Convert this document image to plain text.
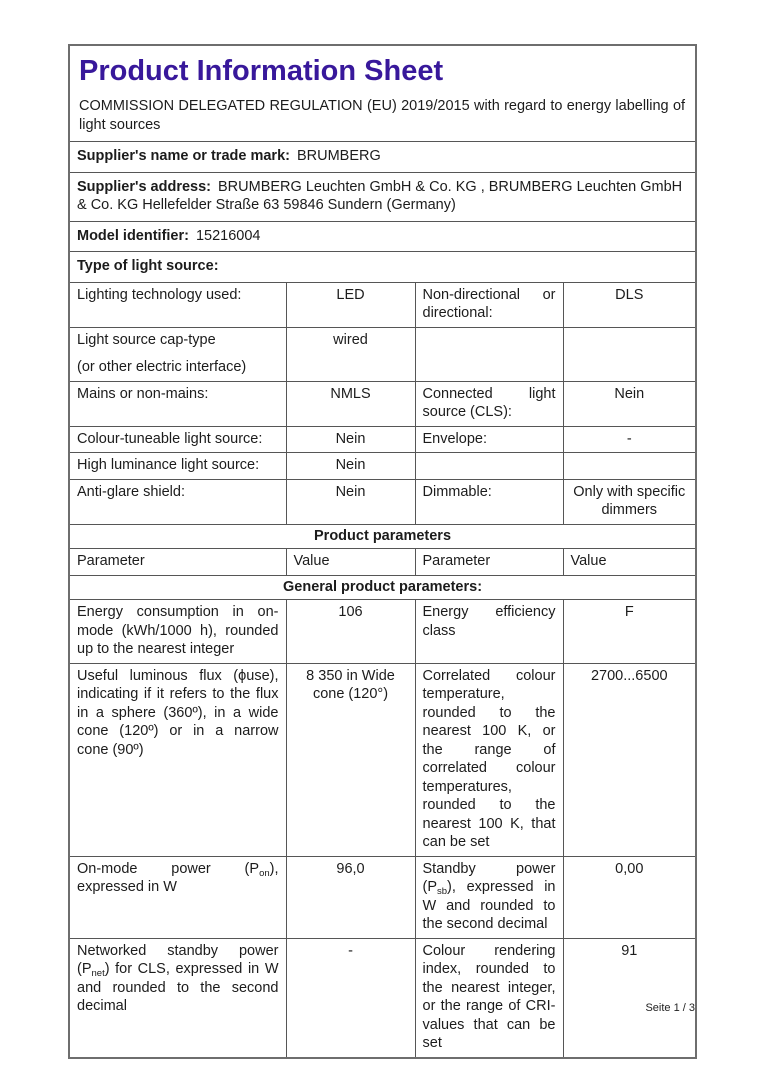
Product Information Sheet
COMMISSION DELEGATED REGULATION (EU) 2019/2015 with regard to energy labelling of light sources			

Supplier's name or trade mark: BRUMBERG			
Supplier's address: BRUMBERG Leuchten GmbH & Co. KG , BRUMBERG Leuchten GmbH & Co. KG Hellefelder Straße 63 59846 Sundern (Germany)			
Model identifier: 15216004			
Type of light source:			
Lighting technology used:	LED	Non-directional or directional:	DLS

Light source cap-type
(or other electric interface)	wired		
Mains or non-mains:	NMLS	Connected light source (CLS):	Nein
Colour-tuneable light source:	Nein	Envelope:	-
High luminance light source:	Nein		
Anti-glare shield:	Nein	Dimmable:	Only with specific dimmers
Product parameters			
Parameter	Value	Parameter	Value
General product parameters:			
Energy consumption in on-mode (kWh/1000 h), rounded up to the nearest integer	106	Energy efficiency class	F
Useful luminous flux (ϕuse), indicating if it refers to the flux in a sphere (360º), in a wide cone (120º) or in a narrow cone (90º)	8 350 in Wide cone (120°)	Correlated colour temperature, rounded to the nearest 100 K, or the range of correlated colour temperatures, rounded to the nearest 100 K, that can be set	2700...6500
On-mode power $(P_{on})$, expressed in W	96,0	Standby power $(P_{sb})$, expressed in W and rounded to the second decimal	0,00
Networked standby power $(P_{net})$ for CLS, expressed in W and rounded to the second decimal	-	Colour rendering index, rounded to the nearest integer, or the range of CRI-values that can be set	91
Seite 1 / 3
